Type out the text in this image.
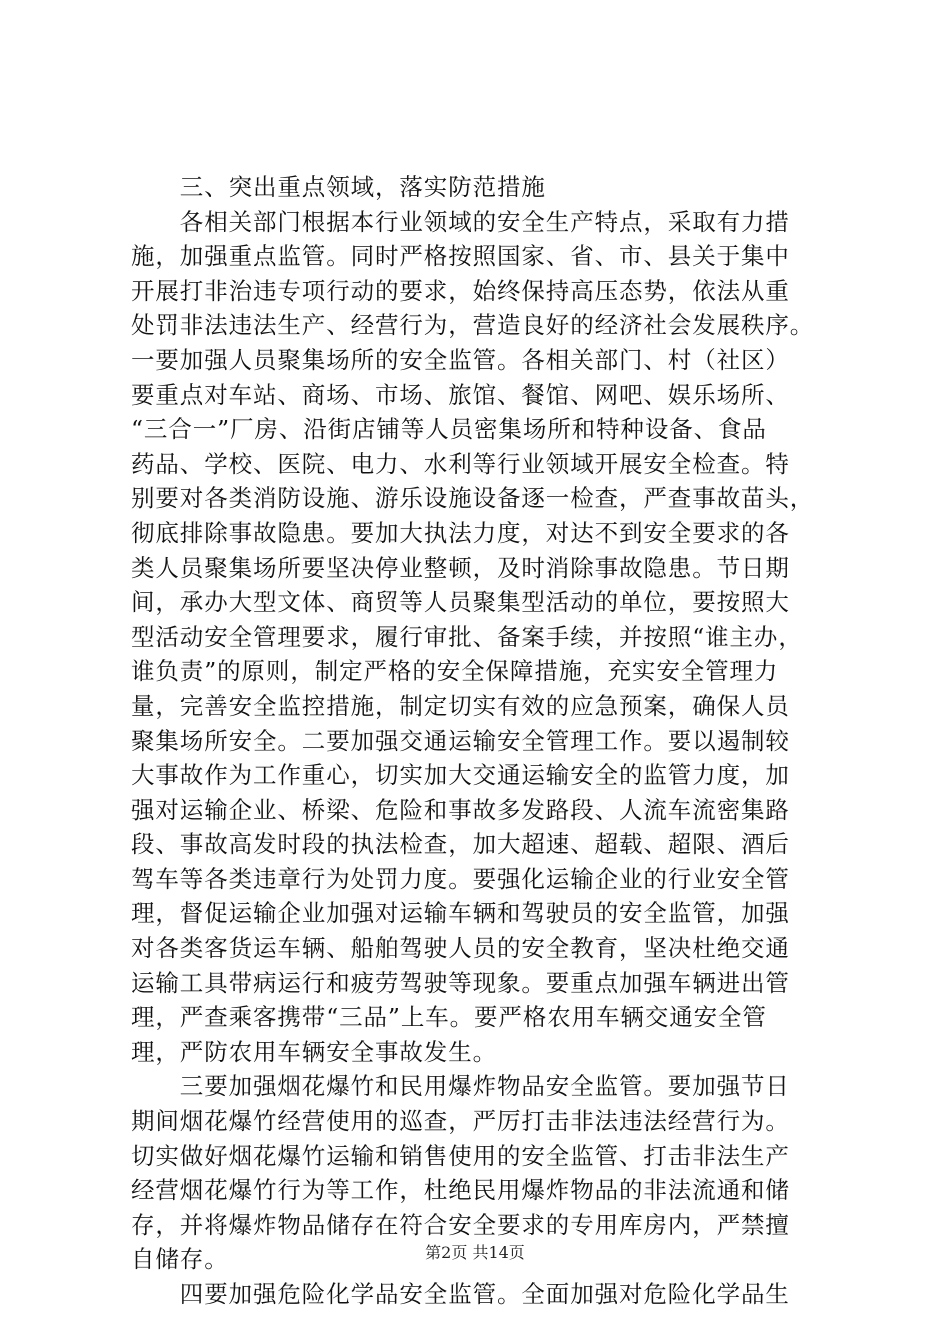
　　三、突出重点领域，落实防范措施
　　各相关部门根据本行业领域的安全生产特点，采取有力措
施，加强重点监管。同时严格按照国家、省、市、县关于集中
开展打非治违专项行动的要求，始终保持高压态势，依法从重
处罚非法违法生产、经营行为，营造良好的经济社会发展秩序。
一要加强人员聚集场所的安全监管。各相关部门、村（社区）
要重点对车站、商场、市场、旅馆、餐馆、网吧、娱乐场所、
“三合一”厂房、沿街店铺等人员密集场所和特种设备、食品
药品、学校、医院、电力、水利等行业领域开展安全检查。特
别要对各类消防设施、游乐设施设备逐一检查，严查事故苗头，
彻底排除事故隐患。要加大执法力度，对达不到安全要求的各
类人员聚集场所要坚决停业整顿，及时消除事故隐患。节日期
间，承办大型文体、商贸等人员聚集型活动的单位，要按照大
型活动安全管理要求，履行审批、备案手续，并按照“谁主办，
谁负责”的原则，制定严格的安全保障措施，充实安全管理力
量，完善安全监控措施，制定切实有效的应急预案，确保人员
聚集场所安全。二要加强交通运输安全管理工作。要以遏制较
大事故作为工作重心，切实加大交通运输安全的监管力度，加
强对运输企业、桥梁、危险和事故多发路段、人流车流密集路
段、事故高发时段的执法检查，加大超速、超载、超限、酒后
驾车等各类违章行为处罚力度。要强化运输企业的行业安全管
理，督促运输企业加强对运输车辆和驾驶员的安全监管，加强
对各类客货运车辆、船舶驾驶人员的安全教育，坚决杜绝交通
运输工具带病运行和疲劳驾驶等现象。要重点加强车辆进出管
理，严查乘客携带“三品”上车。要严格农用车辆交通安全管
理，严防农用车辆安全事故发生。
　　三要加强烟花爆竹和民用爆炸物品安全监管。要加强节日
期间烟花爆竹经营使用的巡查，严厉打击非法违法经营行为。
切实做好烟花爆竹运输和销售使用的安全监管、打击非法生产
经营烟花爆竹行为等工作，杜绝民用爆炸物品的非法流通和储
存，并将爆炸物品储存在符合安全要求的专用库房内，严禁擅
自储存。
　　四要加强危险化学品安全监管。全面加强对危险化学品生
第2页 共14页
